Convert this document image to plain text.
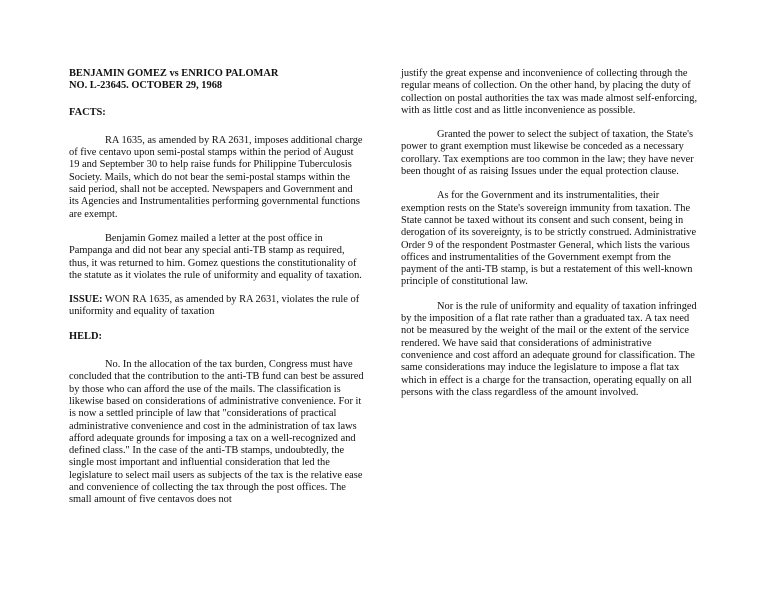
BENJAMIN GOMEZ vs ENRICO PALOMAR
NO. L-23645. OCTOBER 29, 1968
FACTS:

RA 1635, as amended by RA 2631, imposes additional charge of five centavo upon semi-postal stamps within the period of August 19 and September 30 to help raise funds for Philippine Tuberculosis Society. Mails, which do not bear the semi-postal stamps within the said period, shall not be accepted. Newspapers and Government and its Agencies and Instrumentalities performing governmental functions are exempt.

Benjamin Gomez mailed a letter at the post office in Pampanga and did not bear any special anti-TB stamp as required, thus, it was returned to him. Gomez questions the constitutionality of the statute as it violates the rule of uniformity and equality of taxation.

ISSUE: WON RA 1635, as amended by RA 2631, violates the rule of uniformity and equality of taxation

HELD:

No. In the allocation of the tax burden, Congress must have concluded that the contribution to the anti-TB fund can best be assured by those who can afford the use of the mails. The classification is likewise based on considerations of administrative convenience. For it is now a settled principle of law that "considerations of practical administrative convenience and cost in the administration of tax laws afford adequate grounds for imposing a tax on a well-recognized and defined class." In the case of the anti-TB stamps, undoubtedly, the single most important and influential consideration that led the legislature to select mail users as subjects of the tax is the relative ease and convenience of collecting the tax through the post offices. The small amount of five centavos does not

justify the great expense and inconvenience of collecting through the regular means of collection. On the other hand, by placing the duty of collection on postal authorities the tax was made almost self-enforcing, with as little cost and as little inconvenience as possible.

Granted the power to select the subject of taxation, the State's power to grant exemption must likewise be conceded as a necessary corollary. Tax exemptions are too common in the law; they have never been thought of as raising Issues under the equal protection clause.

As for the Government and its instrumentalities, their exemption rests on the State's sovereign immunity from taxation. The State cannot be taxed without its consent and such consent, being in derogation of its sovereignty, is to be strictly construed. Administrative Order 9 of the respondent Postmaster General, which lists the various offices and instrumentalities of the Government exempt from the payment of the anti-TB stamp, is but a restatement of this well-known principle of constitutional law.

Nor is the rule of uniformity and equality of taxation infringed by the imposition of a flat rate rather than a graduated tax. A tax need not be measured by the weight of the mail or the extent of the service rendered. We have said that considerations of administrative convenience and cost afford an adequate ground for classification. The same considerations may induce the legislature to impose a flat tax which in effect is a charge for the transaction, operating equally on all persons with the class regardless of the amount involved.
